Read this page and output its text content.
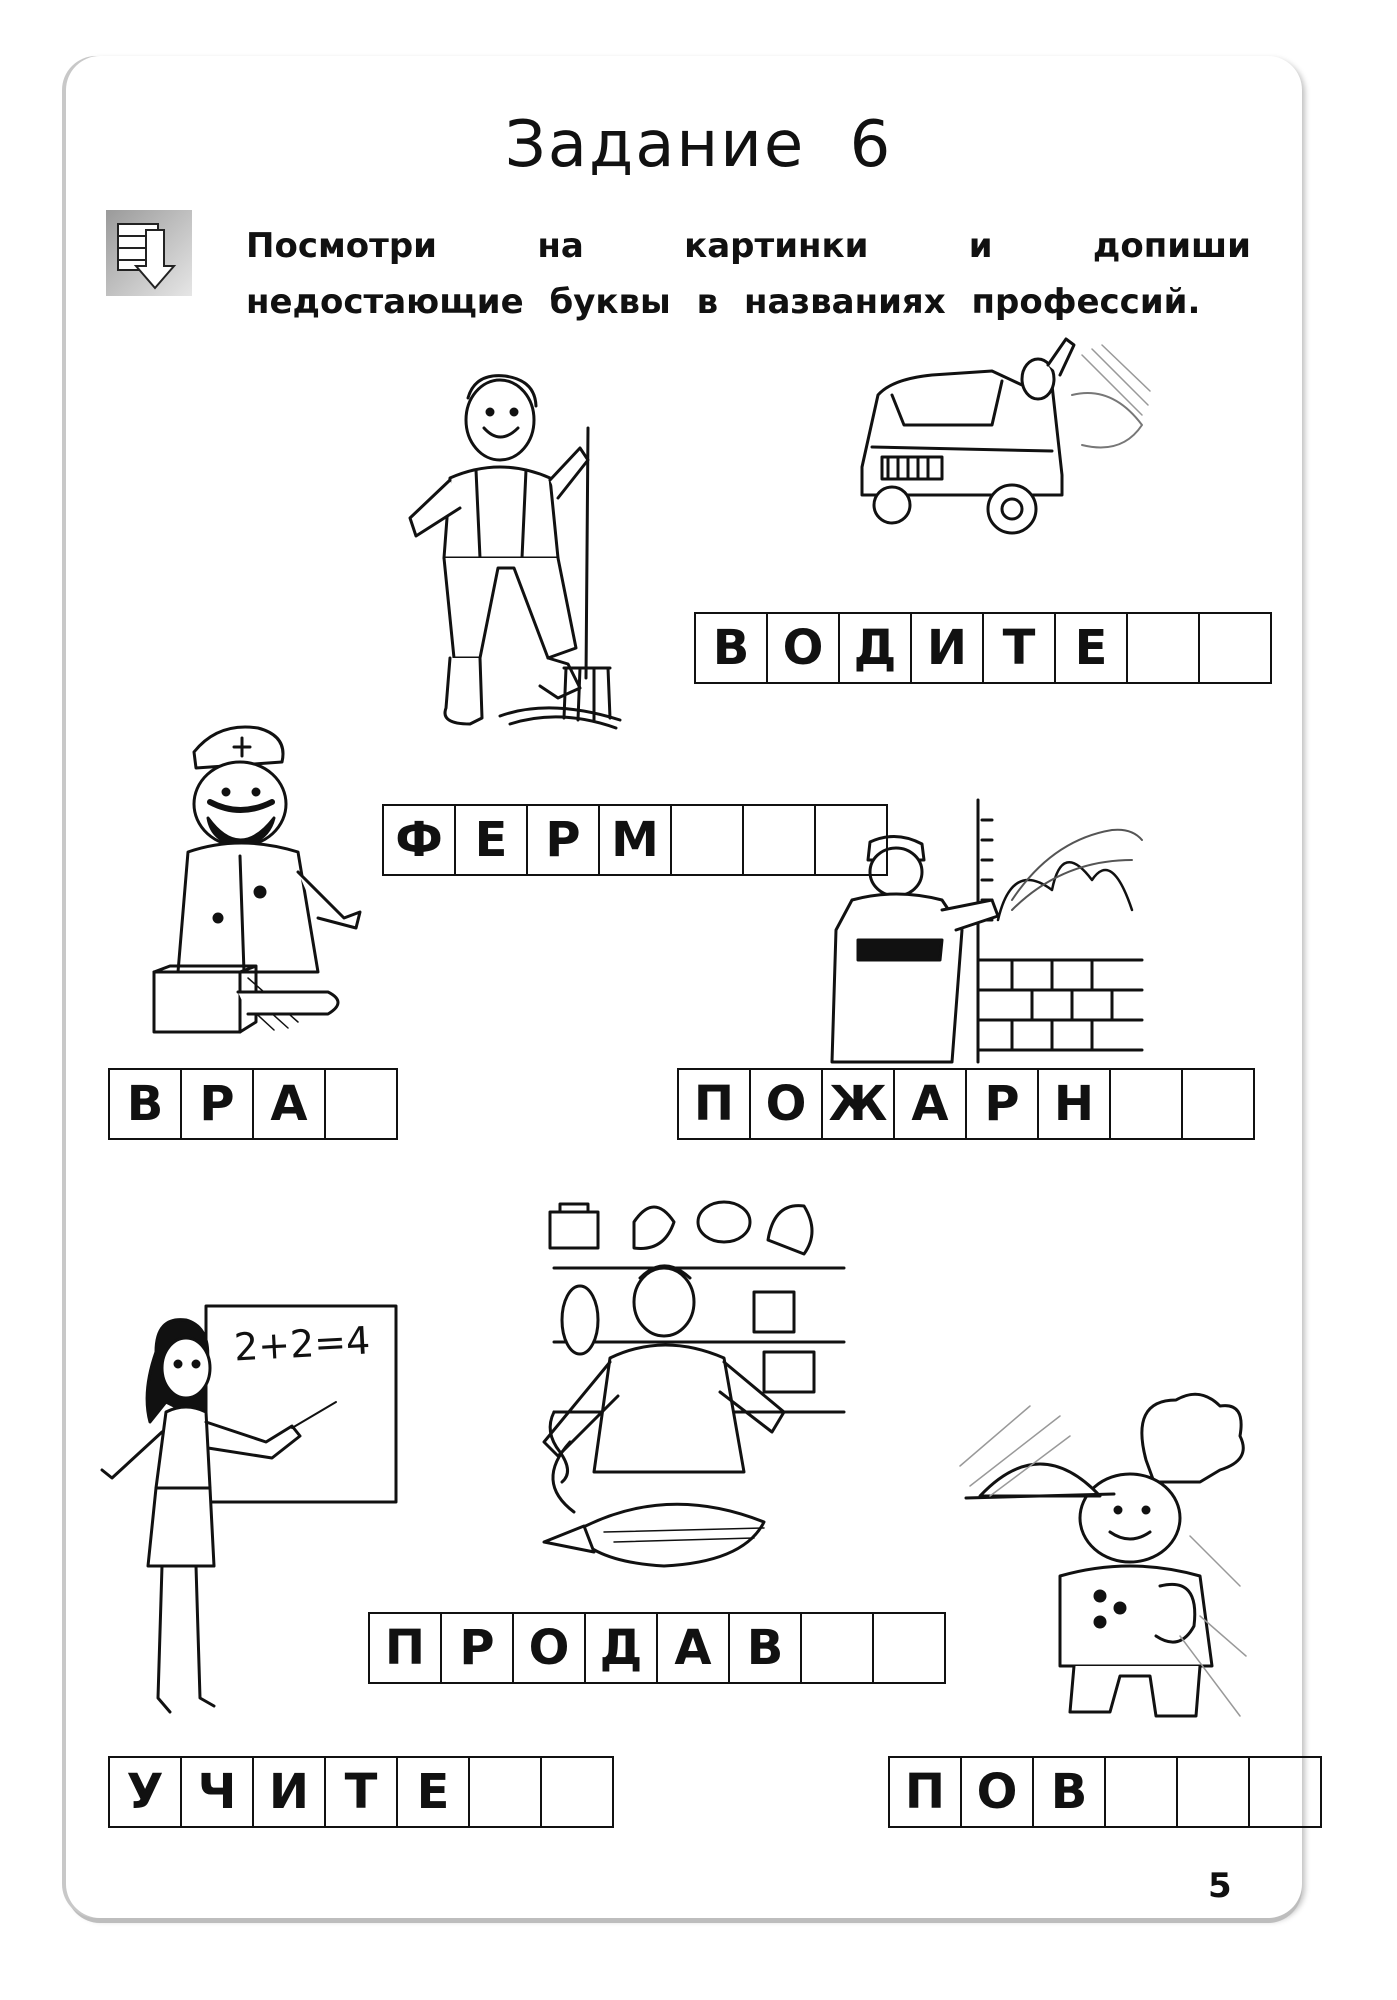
Задание 6
Посмотри на картинки и допиши недостающие буквы в названиях профессий.
2+2=4
В О Д И Т Е
Ф Е Р М
В Р А	П О Ж А Р Н
П Р О Д А В
У Ч И Т Е	П О В
5
